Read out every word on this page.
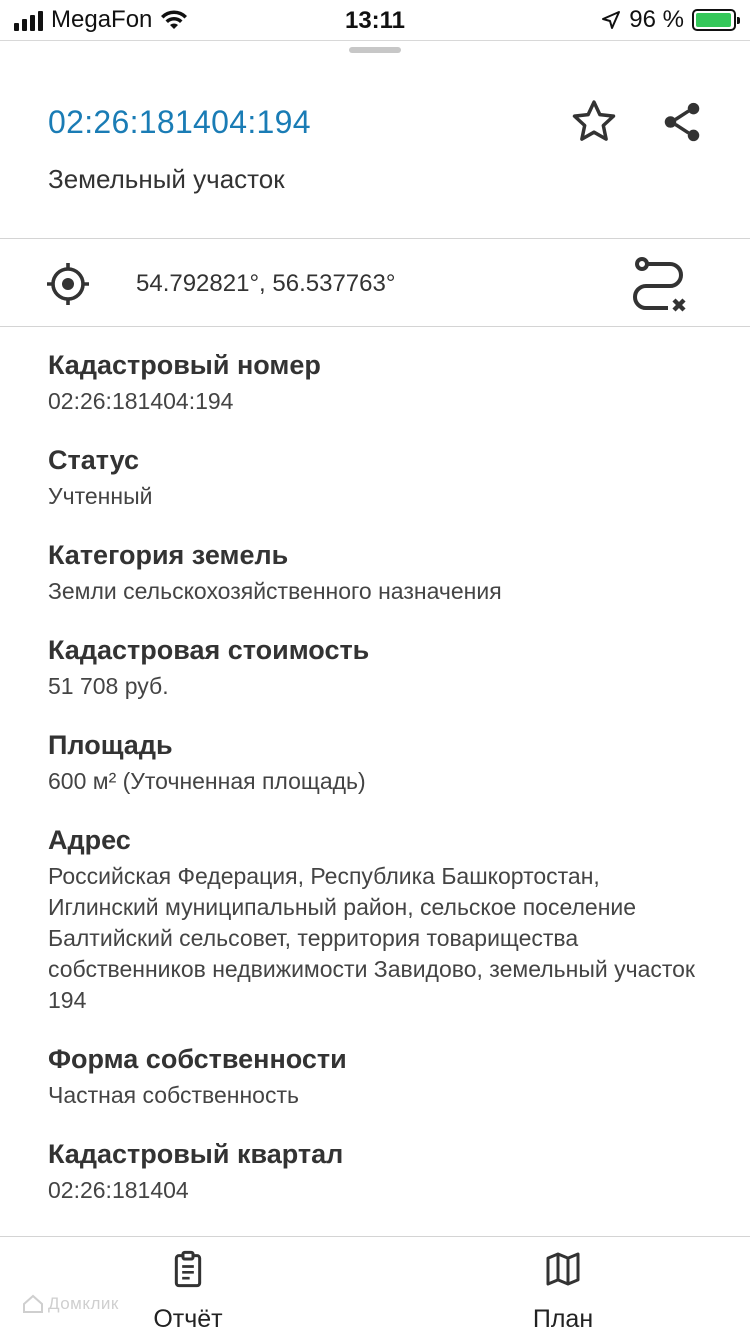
MegaFon	13:11	96 %
02:26:181404:194
Земельный участок
54.792821°, 56.537763°
Кадастровый номер
02:26:181404:194
Статус
Учтенный
Категория земель
Земли сельскохозяйственного назначения
Кадастровая стоимость
51 708 руб.
Площадь
600 м² (Уточненная площадь)
Адрес
Российская Федерация, Республика Башкортостан, Иглинский муниципальный район, сельское поселение Балтийский сельсовет, территория товарищества собственников недвижимости Завидово, земельный участок 194
Форма собственности
Частная собственность
Кадастровый квартал
02:26:181404
Отчёт	План
Домклик
